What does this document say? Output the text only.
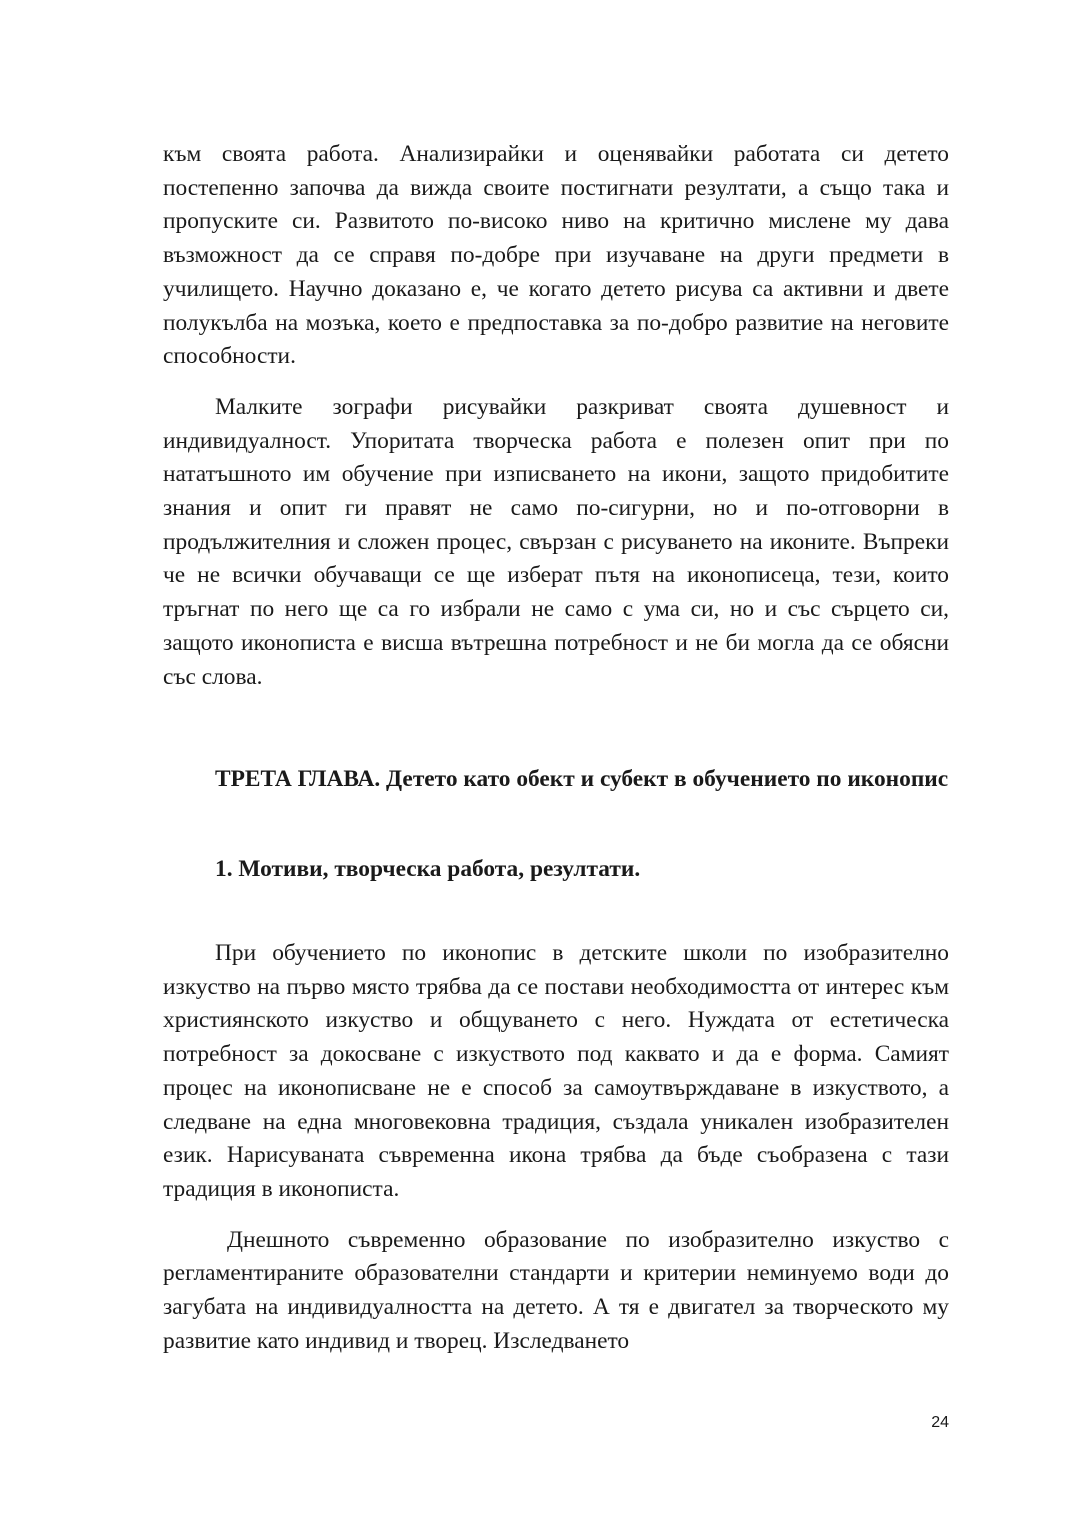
към своята работа. Анализирайки и оценявайки работата си детето постепенно започва да вижда своите постигнати резултати, а също така и пропуските си. Развитото по-високо ниво на критично мислене му дава възможност да се справя по-добре при изучаване на други предмети в училището. Научно доказано е, че когато детето рисува са активни и двете полукълба на мозъка, което е предпоставка за по-добро развитие на неговите способности.

Малките зографи рисувайки разкриват своята душевност и индивидуалност. Упоритата творческа работа е полезен опит при по нататъшното им обучение при изписването на икони, защото придобитите знания и опит ги правят не само по-сигурни, но и по-отговорни в продължителния и сложен процес, свързан с рисуването на иконите. Въпреки че не всички обучаващи се ще изберат пътя на иконописеца, тези, които тръгнат по него ще са го избрали не само с ума си, но и със сърцето си, защото иконописта е висша вътрешна потребност и не би могла да се обясни със слова.

ТРЕТА ГЛАВА. Детето като обект и субект в обучението по иконопис

1. Мотиви, творческа работа, резултати.

При обучението по иконопис в детските школи по изобразително изкуство на първо място трябва да се постави необходимостта от интерес към християнското изкуство и общуването с него. Нуждата от естетическа потребност за докосване с изкуството под каквато и да е форма. Самият процес на иконописване не е способ за самоутвърждаване в изкуството, а следване на една многовековна традиция, създала уникален изобразителен език. Нарисуваната съвременна икона трябва да бъде съобразена с тази традиция в иконописта.

Днешното съвременно образование по изобразително изкуство с регламентираните образователни стандарти и критерии неминуемо води до загубата на индивидуалността на детето. А тя е двигател за творческото му развитие като индивид и творец. Изследването

24
